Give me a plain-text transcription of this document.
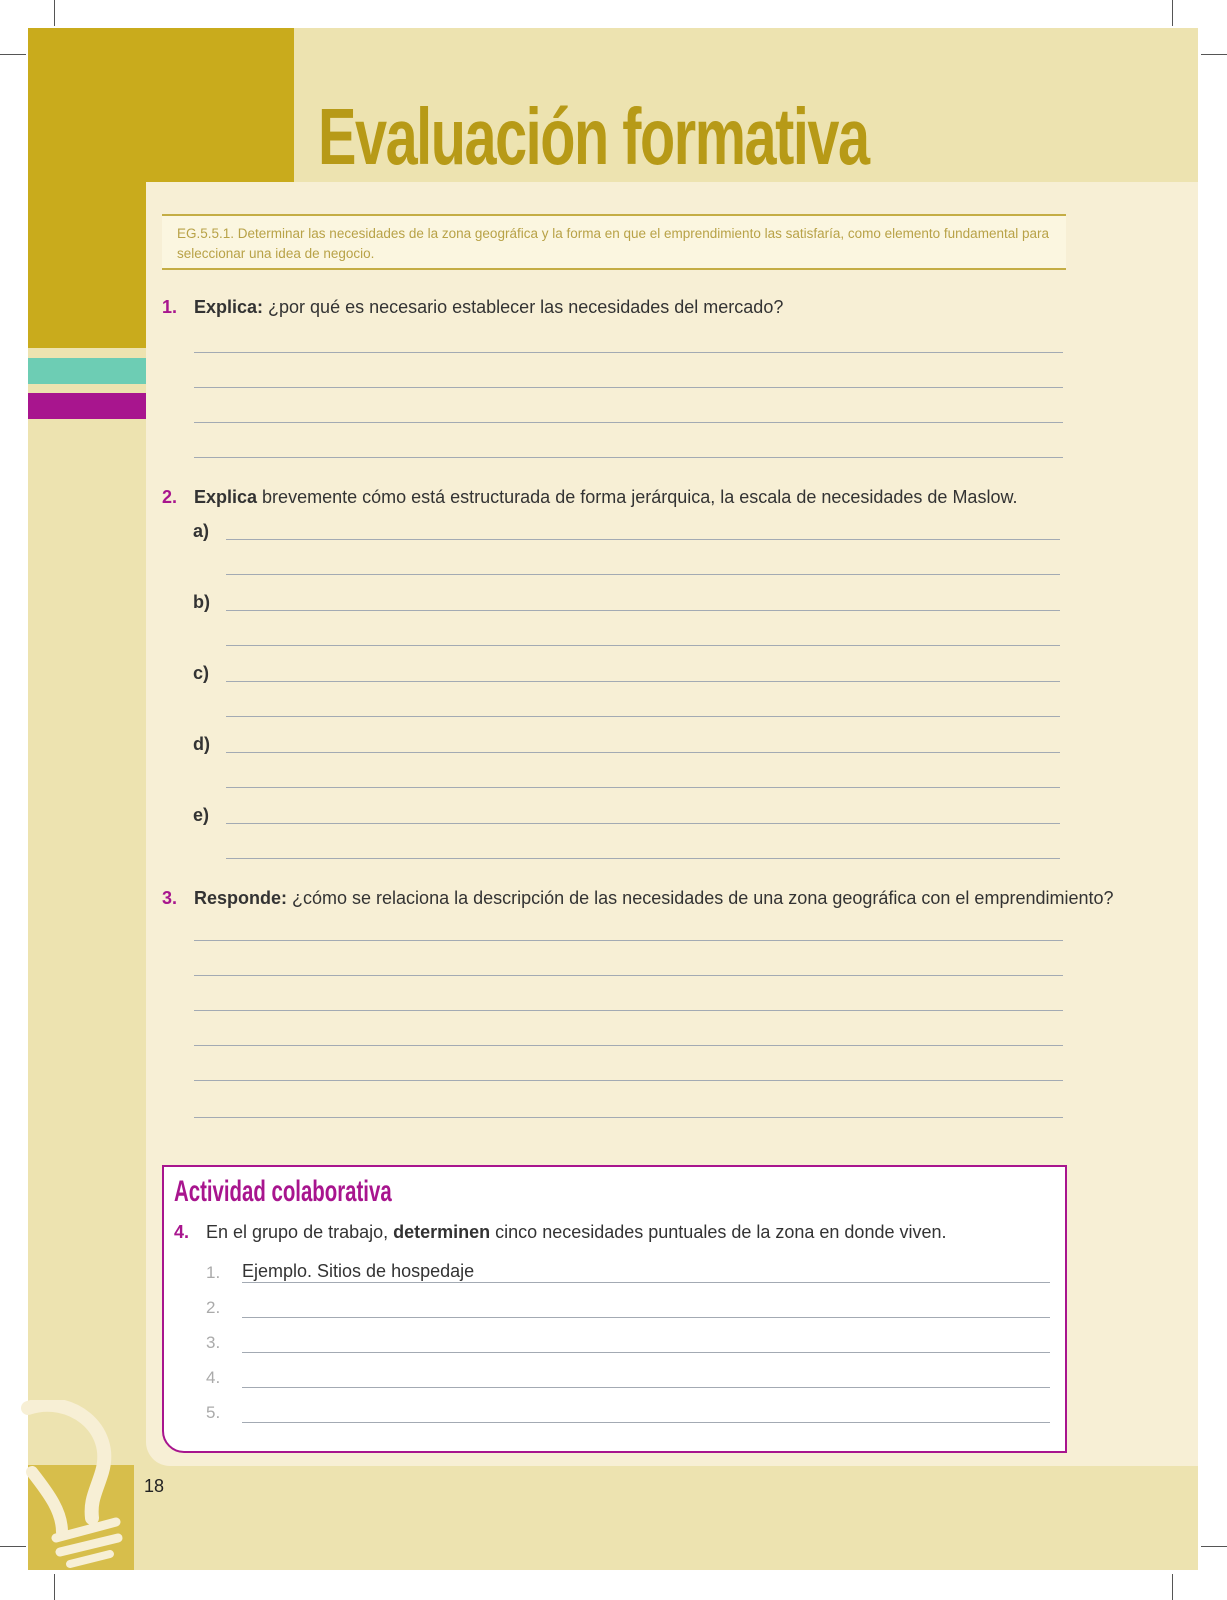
Evaluación formativa
EG.5.5.1. Determinar las necesidades de la zona geográfica y la forma en que el emprendimiento las satisfaría, como elemento fundamental para seleccionar una idea de negocio.
1. Explica: ¿por qué es necesario establecer las necesidades del mercado?
2. Explica brevemente cómo está estructurada de forma jerárquica, la escala de necesidades de Maslow.
a)
b)
c)
d)
e)
3. Responde: ¿cómo se relaciona la descripción de las necesidades de una zona geográfica con el emprendimiento?
Actividad colaborativa
4. En el grupo de trabajo, determinen cinco necesidades puntuales de la zona en donde viven.
1. Ejemplo. Sitios de hospedaje
2.
3.
4.
5.
18
